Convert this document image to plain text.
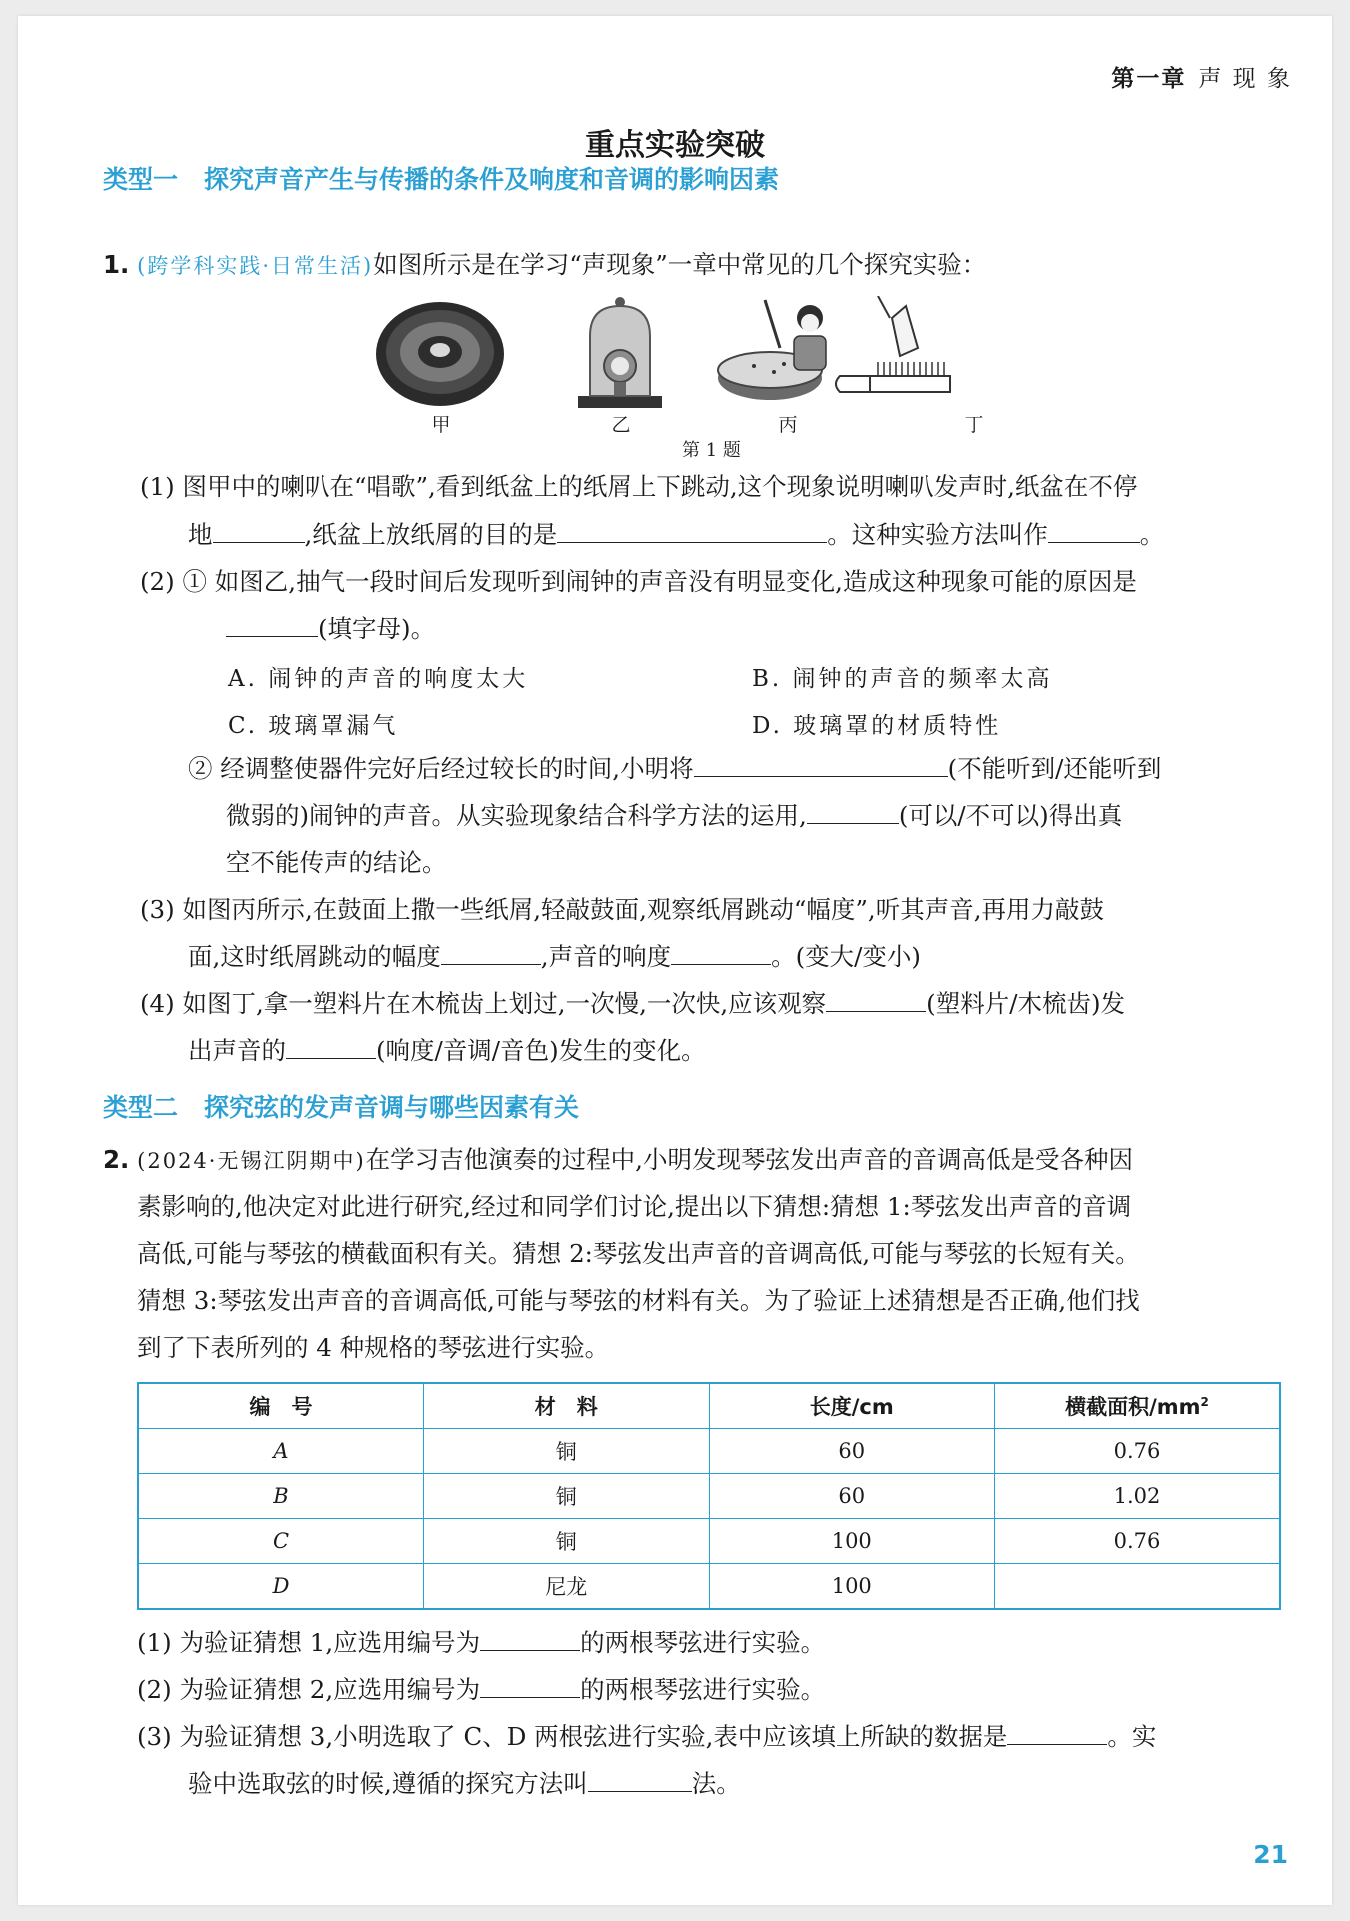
第一章 声 现 象
重点实验突破
类型一 探究声音产生与传播的条件及响度和音调的影响因素
1. (跨学科实践·日常生活)如图所示是在学习“声现象”一章中常见的几个探究实验：
甲	乙	丙	丁
第 1 题
(1) 图甲中的喇叭在“唱歌”,看到纸盆上的纸屑上下跳动,这个现象说明喇叭发声时,纸盆在不停
地	,纸盆上放纸屑的目的是	。这种实验方法叫作	。
(2) ① 如图乙,抽气一段时间后发现听到闹钟的声音没有明显变化,造成这种现象可能的原因是
(填字母)。
A. 闹钟的声音的响度太大	B. 闹钟的声音的频率太高
C. 玻璃罩漏气	D. 玻璃罩的材质特性
② 经调整使器件完好后经过较长的时间,小明将	(不能听到/还能听到
微弱的)闹钟的声音。从实验现象结合科学方法的运用,	(可以/不可以)得出真
空不能传声的结论。
(3) 如图丙所示,在鼓面上撒一些纸屑,轻敲鼓面,观察纸屑跳动“幅度”,听其声音,再用力敲鼓
面,这时纸屑跳动的幅度	,声音的响度	。(变大/变小)
(4) 如图丁,拿一塑料片在木梳齿上划过,一次慢,一次快,应该观察	(塑料片/木梳齿)发
出声音的	(响度/音调/音色)发生的变化。
类型二 探究弦的发声音调与哪些因素有关
2. (2024·无锡江阴期中)在学习吉他演奏的过程中,小明发现琴弦发出声音的音调高低是受各种因
素影响的,他决定对此进行研究,经过和同学们讨论,提出以下猜想:猜想 1:琴弦发出声音的音调
高低,可能与琴弦的横截面积有关。猜想 2:琴弦发出声音的音调高低,可能与琴弦的长短有关。
猜想 3:琴弦发出声音的音调高低,可能与琴弦的材料有关。为了验证上述猜想是否正确,他们找
到了下表所列的 4 种规格的琴弦进行实验。
编　号	材　料	长度/cm	横截面积$/mm^2$
A	铜	60	0.76
B	铜	60	1.02
C	铜	100	0.76
D	尼龙	100	
(1) 为验证猜想 1,应选用编号为	的两根琴弦进行实验。
(2) 为验证猜想 2,应选用编号为	的两根琴弦进行实验。
(3) 为验证猜想 3,小明选取了 C、D 两根弦进行实验,表中应该填上所缺的数据是	。实
验中选取弦的时候,遵循的探究方法叫	法。
21
